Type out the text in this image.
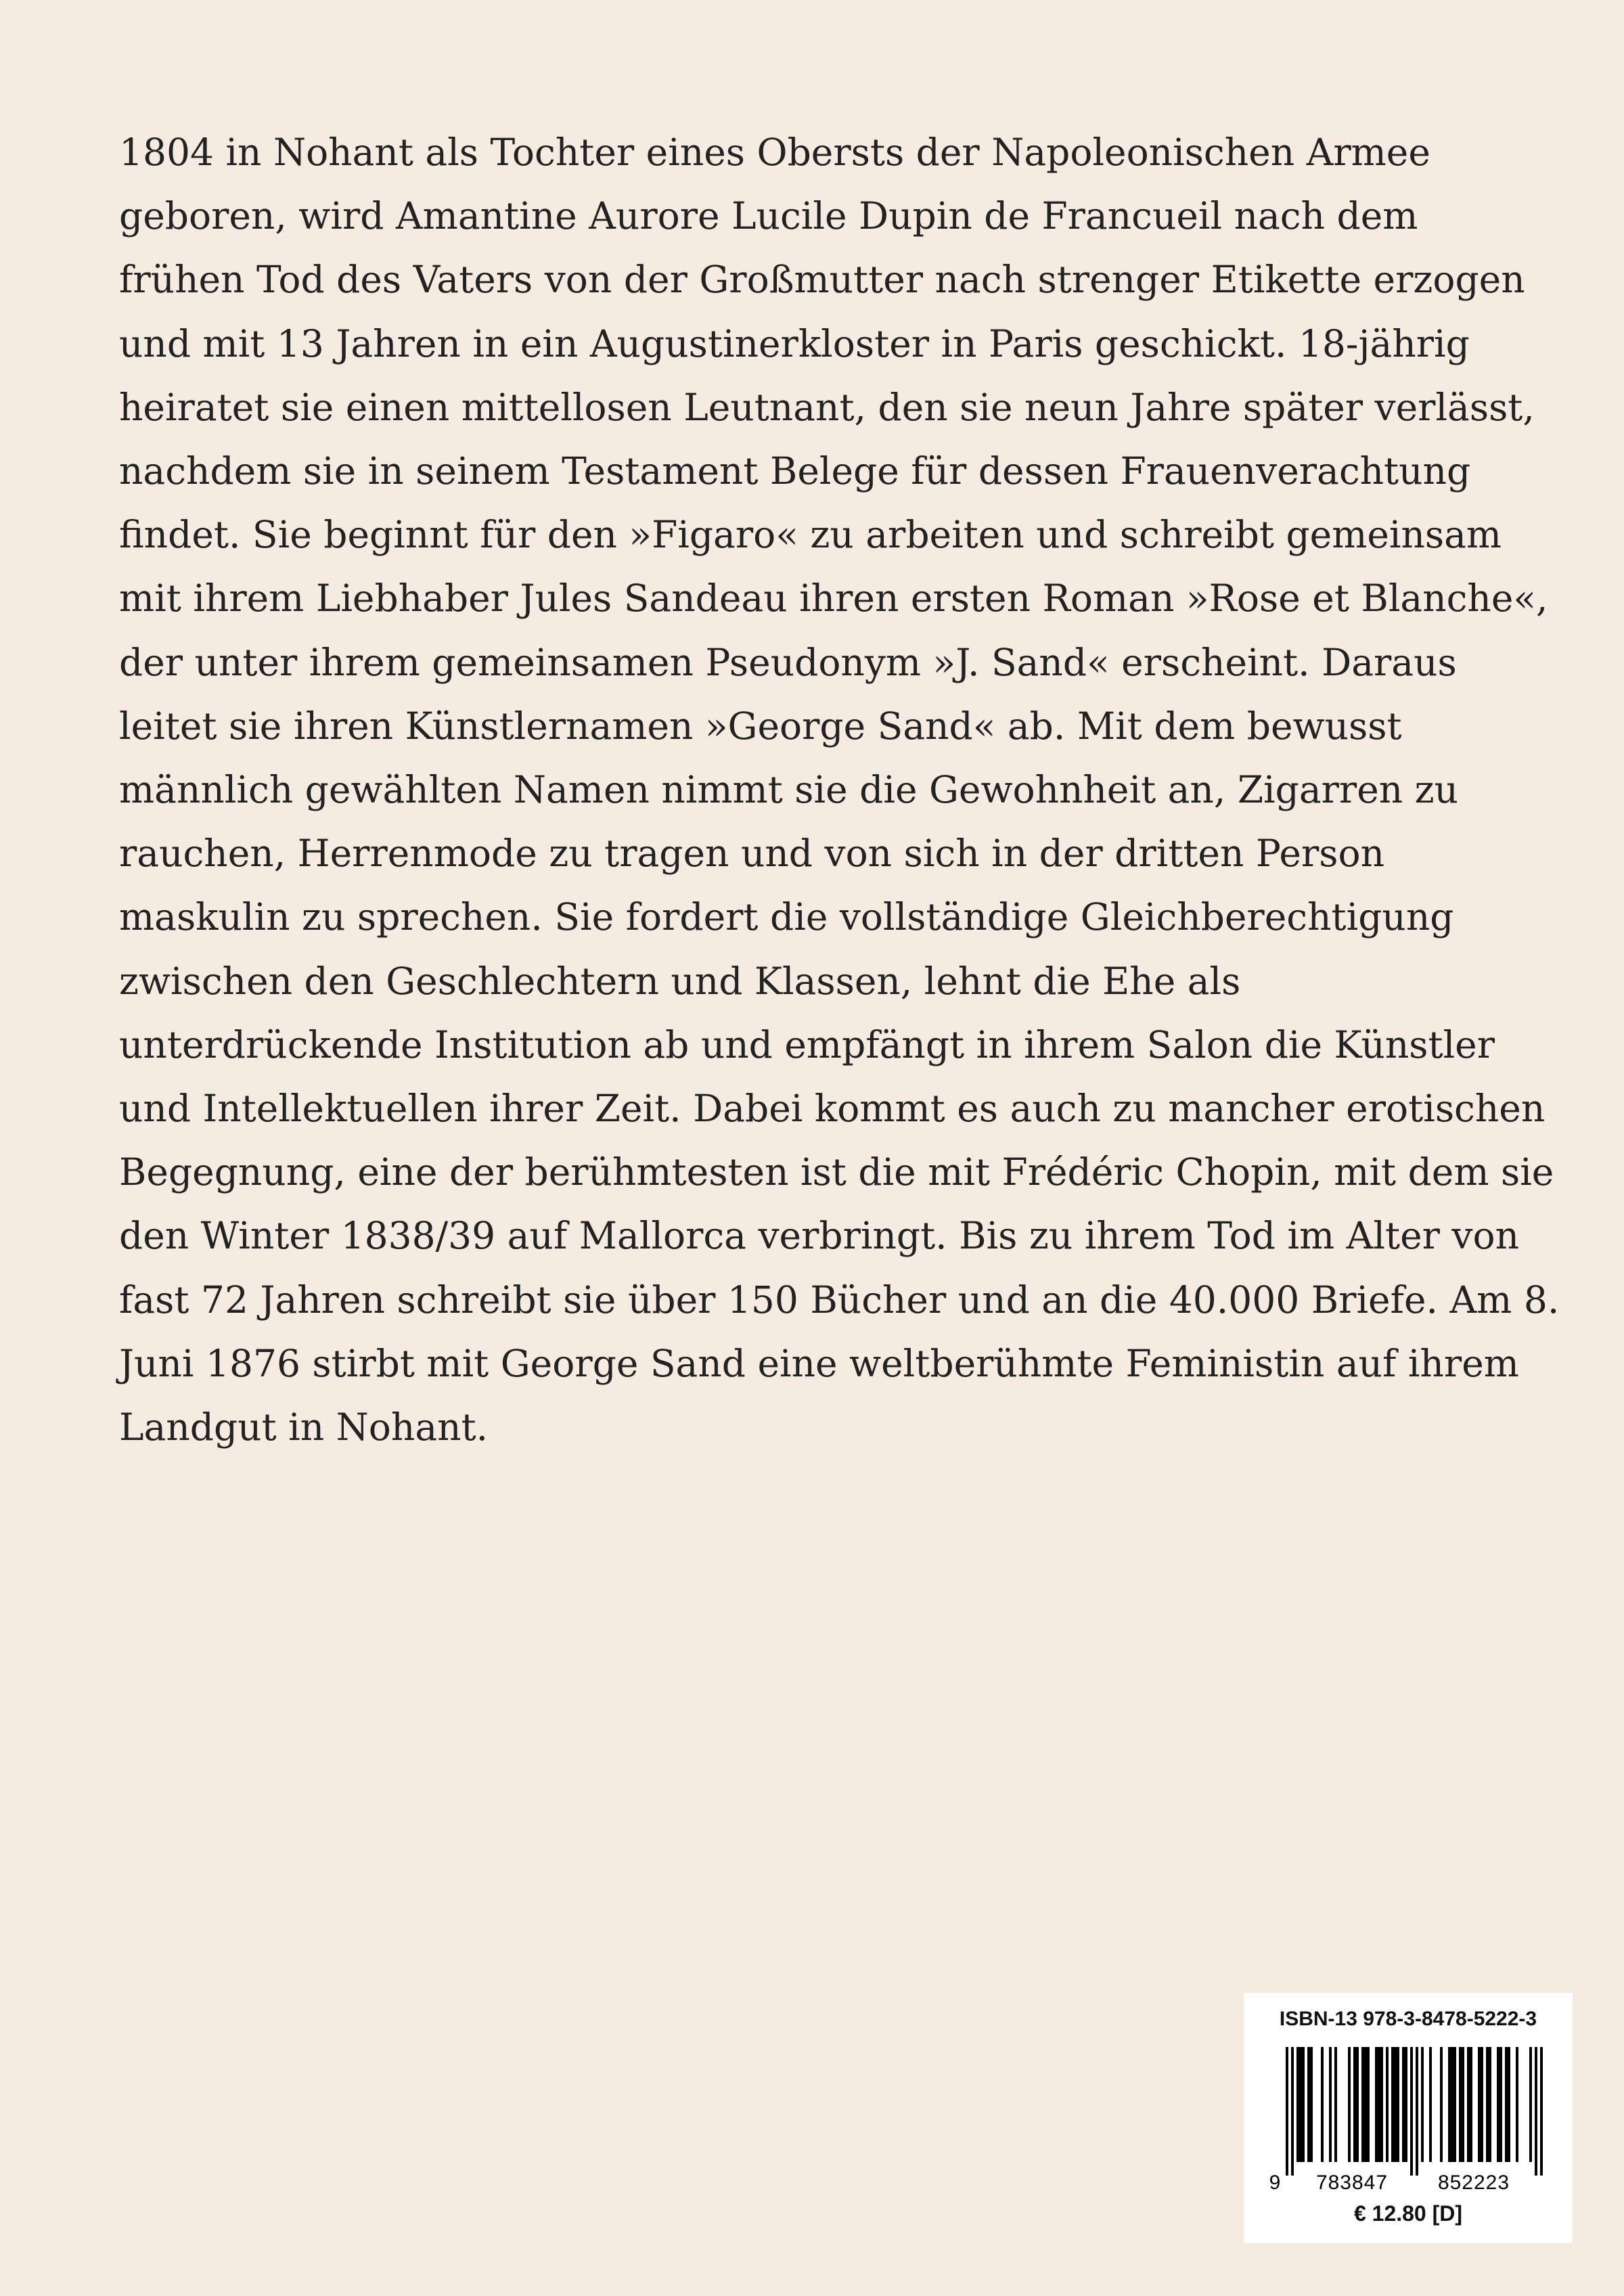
1804 in Nohant als Tochter eines Obersts der Napoleonischen Armee
geboren, wird Amantine Aurore Lucile Dupin de Francueil nach dem
frühen Tod des Vaters von der Großmutter nach strenger Etikette erzogen
und mit 13 Jahren in ein Augustinerkloster in Paris geschickt. 18-jährig
heiratet sie einen mittellosen Leutnant, den sie neun Jahre später verlässt,
nachdem sie in seinem Testament Belege für dessen Frauenverachtung
findet. Sie beginnt für den »Figaro« zu arbeiten und schreibt gemeinsam
mit ihrem Liebhaber Jules Sandeau ihren ersten Roman »Rose et Blanche«,
der unter ihrem gemeinsamen Pseudonym »J. Sand« erscheint. Daraus
leitet sie ihren Künstlernamen »George Sand« ab. Mit dem bewusst
männlich gewählten Namen nimmt sie die Gewohnheit an, Zigarren zu
rauchen, Herrenmode zu tragen und von sich in der dritten Person
maskulin zu sprechen. Sie fordert die vollständige Gleichberechtigung
zwischen den Geschlechtern und Klassen, lehnt die Ehe als
unterdrückende Institution ab und empfängt in ihrem Salon die Künstler
und Intellektuellen ihrer Zeit. Dabei kommt es auch zu mancher erotischen
Begegnung, eine der berühmtesten ist die mit Frédéric Chopin, mit dem sie
den Winter 1838/39 auf Mallorca verbringt. Bis zu ihrem Tod im Alter von
fast 72 Jahren schreibt sie über 150 Bücher und an die 40.000 Briefe. Am 8.
Juni 1876 stirbt mit George Sand eine weltberühmte Feministin auf ihrem
Landgut in Nohant.
ISBN-13 978-3-8478-5222-3
9 783847 852223
€ 12.80 [D]
